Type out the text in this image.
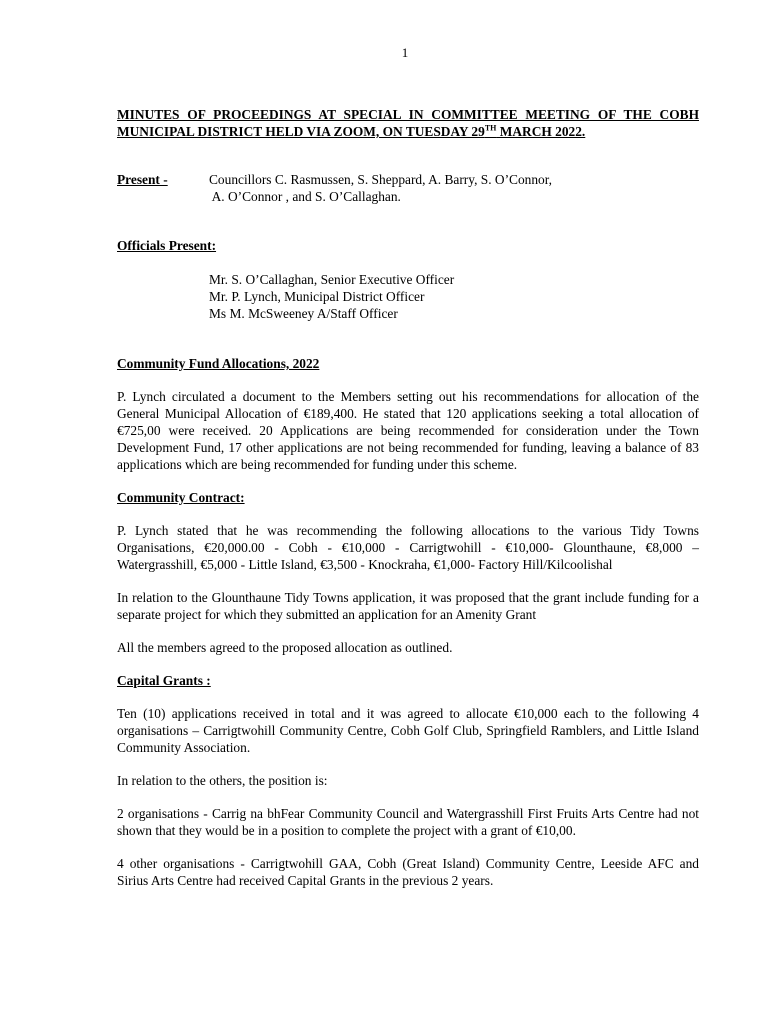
1

MINUTES OF PROCEEDINGS AT SPECIAL IN COMMITTEE MEETING OF THE COBH MUNICIPAL DISTRICT HELD VIA ZOOM, ON TUESDAY 29TH MARCH 2022.

Present -	Councillors C. Rasmussen, S. Sheppard, A. Barry, S. O’Connor,
A. O’Connor , and S. O’Callaghan.

Officials Present:

Mr. S. O’Callaghan, Senior Executive Officer
Mr. P. Lynch, Municipal District Officer
Ms M. McSweeney A/Staff Officer

Community Fund Allocations, 2022

P. Lynch circulated a document to the Members setting out his recommendations for allocation of the General Municipal Allocation of €189,400. He stated that 120 applications seeking a total allocation of €725,00 were received. 20 Applications are being recommended for consideration under the Town Development Fund, 17 other applications are not being recommended for funding, leaving a balance of 83 applications which are being recommended for funding under this scheme.

Community Contract:

P. Lynch stated that he was recommending the following allocations to the various Tidy Towns Organisations, €20,000.00 - Cobh - €10,000 - Carrigtwohill - €10,000- Glounthaune, €8,000 – Watergrasshill, €5,000 - Little Island, €3,500 - Knockraha, €1,000- Factory Hill/Kilcoolishal

In relation to the Glounthaune Tidy Towns application, it was proposed that the grant include funding for a separate project for which they submitted an application for an Amenity Grant

All the members agreed to the proposed allocation as outlined.

Capital Grants :

Ten (10) applications received in total and it was agreed to allocate €10,000 each to the following 4 organisations – Carrigtwohill Community Centre, Cobh Golf Club, Springfield Ramblers, and Little Island Community Association.

In relation to the others, the position is:

2 organisations - Carrig na bhFear Community Council and Watergrasshill First Fruits Arts Centre had not shown that they would be in a position to complete the project with a grant of €10,00.

4 other organisations - Carrigtwohill GAA, Cobh (Great Island) Community Centre, Leeside AFC and Sirius Arts Centre had received Capital Grants in the previous 2 years.
